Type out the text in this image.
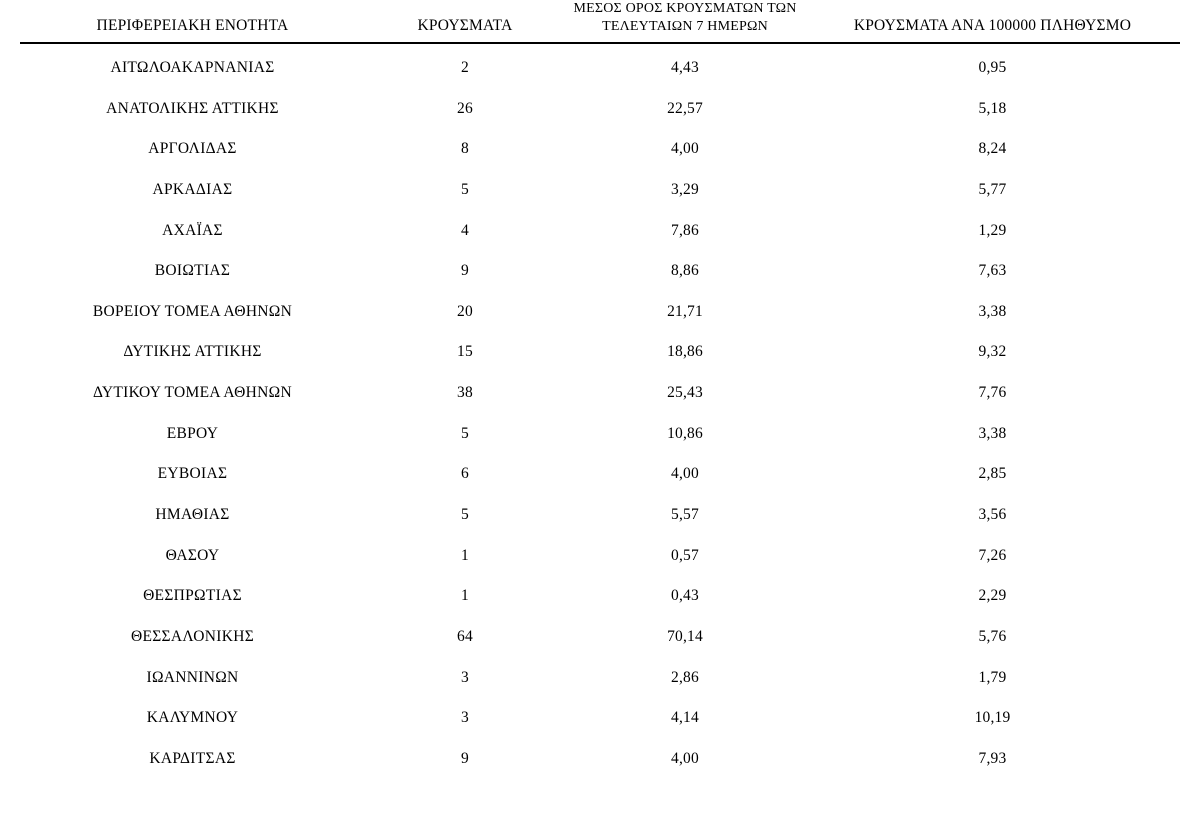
ΠΕΡΙΦΕΡΕΙΑΚΗ ΕΝΟΤΗΤΑ	ΚΡΟΥΣΜΑΤΑ	ΜΕΣΟΣ ΟΡΟΣ ΚΡΟΥΣΜΑΤΩΝ ΤΩΝ
ΤΕΛΕΥΤΑΙΩΝ 7 ΗΜΕΡΩΝ	ΚΡΟΥΣΜΑΤΑ ΑΝΑ 100000 ΠΛΗΘΥΣΜΟ
ΑΙΤΩΛΟΑΚΑΡΝΑΝΙΑΣ	2	4,43	0,95
ΑΝΑΤΟΛΙΚΗΣ ΑΤΤΙΚΗΣ	26	22,57	5,18
ΑΡΓΟΛΙΔΑΣ	8	4,00	8,24
ΑΡΚΑΔΙΑΣ	5	3,29	5,77
ΑΧΑΪΑΣ	4	7,86	1,29
ΒΟΙΩΤΙΑΣ	9	8,86	7,63
ΒΟΡΕΙΟΥ ΤΟΜΕΑ ΑΘΗΝΩΝ	20	21,71	3,38
ΔΥΤΙΚΗΣ ΑΤΤΙΚΗΣ	15	18,86	9,32
ΔΥΤΙΚΟΥ ΤΟΜΕΑ ΑΘΗΝΩΝ	38	25,43	7,76
ΕΒΡΟΥ	5	10,86	3,38
ΕΥΒΟΙΑΣ	6	4,00	2,85
ΗΜΑΘΙΑΣ	5	5,57	3,56
ΘΑΣΟΥ	1	0,57	7,26
ΘΕΣΠΡΩΤΙΑΣ	1	0,43	2,29
ΘΕΣΣΑΛΟΝΙΚΗΣ	64	70,14	5,76
ΙΩΑΝΝΙΝΩΝ	3	2,86	1,79
ΚΑΛΥΜΝΟΥ	3	4,14	10,19
ΚΑΡΔΙΤΣΑΣ	9	4,00	7,93
